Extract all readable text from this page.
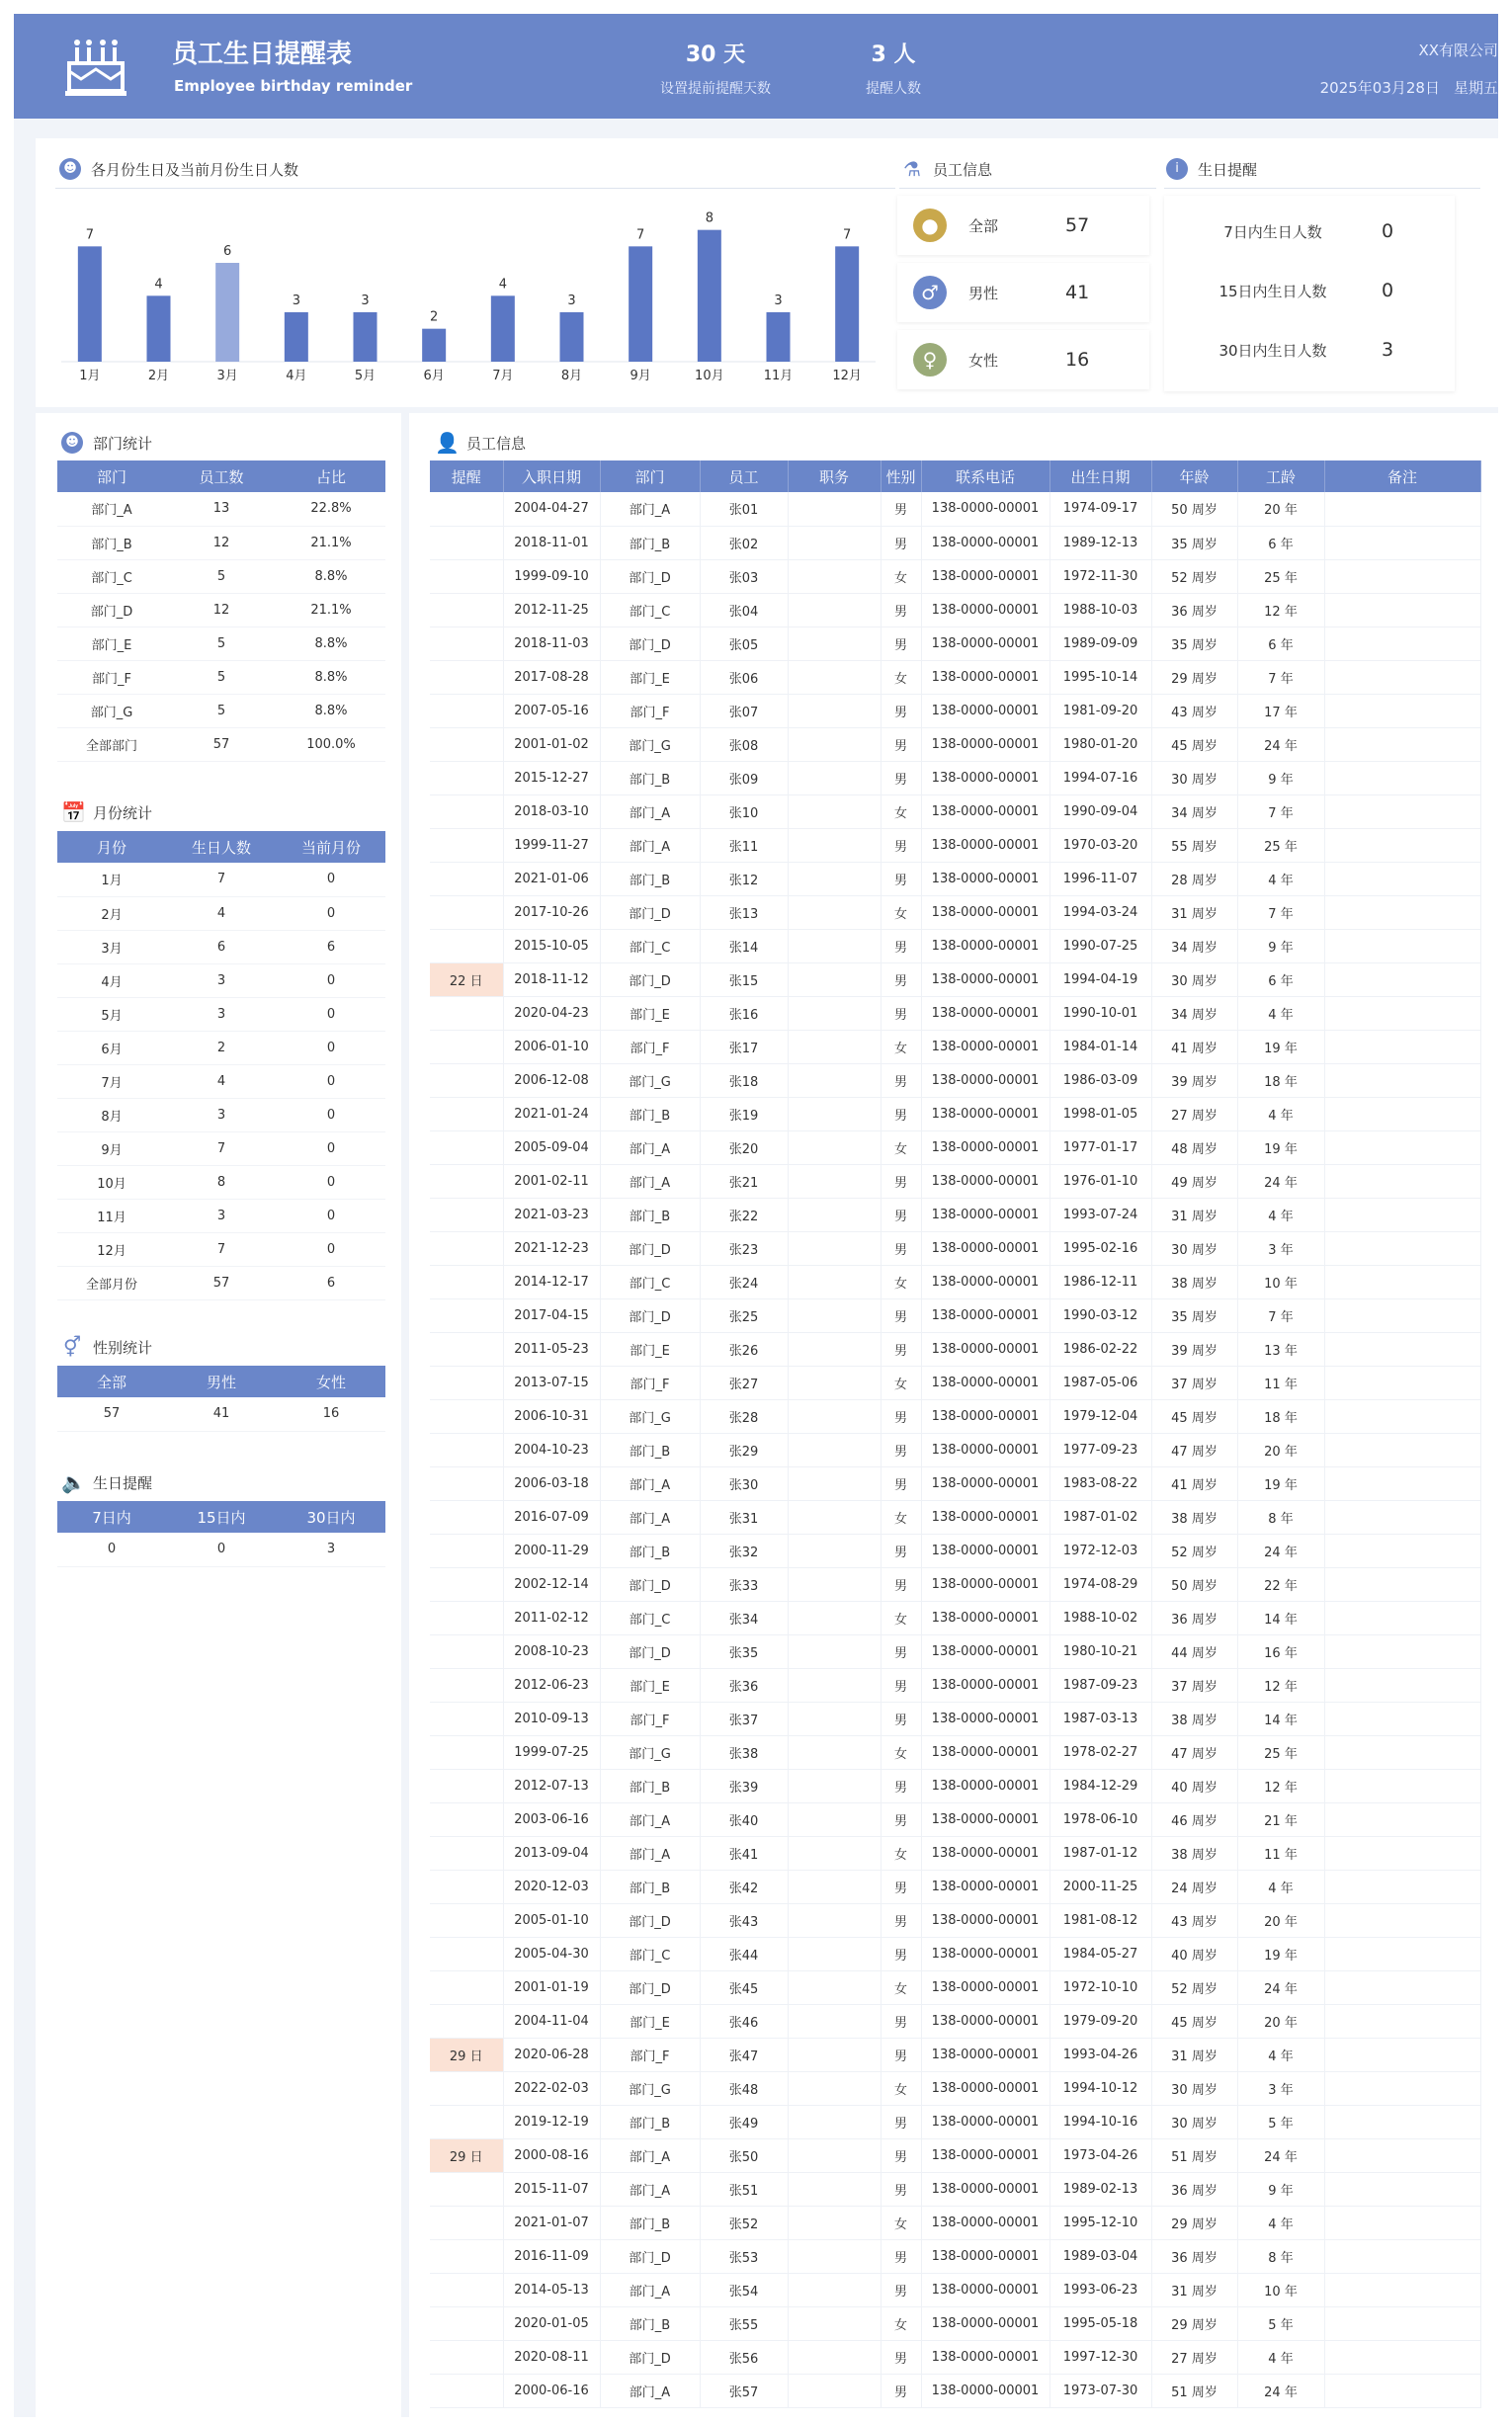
员工生日提醒表
Employee birthday reminder
30 天
设置提前提醒天数
3 人
提醒人数
XX有限公司
2025年03月28日 星期五
☻ 各月份生日及当前月份生日人数
7
1月
4
2月
6
3月
3
4月
3
5月
2
6月
4
7月
3
8月
7
9月
8
10月
3
11月
7
12月
⚗ 员工信息
●	全部	57
♂	男性	41
♀	女性	16
i	生日提醒
7日内生日人数	0
15日内生日人数	0
30日内生日人数	3
☻ 部门统计
部门	员工数	占比
部门_A	13	22.8%
部门_B	12	21.1%
部门_C	5	8.8%
部门_D	12	21.1%
部门_E	5	8.8%
部门_F	5	8.8%
部门_G	5	8.8%
全部部门	57	100.0%
📅 月份统计
月份	生日人数	当前月份
1月	7	0
2月	4	0
3月	6	6
4月	3	0
5月	3	0
6月	2	0
7月	4	0
8月	3	0
9月	7	0
10月	8	0
11月	3	0
12月	7	0
全部月份	57	6
⚥ 性别统计
全部	男性	女性
57	41	16
🔈 生日提醒
7日内	15日内	30日内
0	0	3
👤 员工信息
提醒	入职日期	部门	员工	职务	性别	联系电话	出生日期	年龄	工龄	备注
	2004-04-27	部门_A	张01		男	138-0000-00001	1974-09-17	50 周岁	20 年	
	2018-11-01	部门_B	张02		男	138-0000-00001	1989-12-13	35 周岁	6 年	
	1999-09-10	部门_D	张03		女	138-0000-00001	1972-11-30	52 周岁	25 年	
	2012-11-25	部门_C	张04		男	138-0000-00001	1988-10-03	36 周岁	12 年	
	2018-11-03	部门_D	张05		男	138-0000-00001	1989-09-09	35 周岁	6 年	
	2017-08-28	部门_E	张06		女	138-0000-00001	1995-10-14	29 周岁	7 年	
	2007-05-16	部门_F	张07		男	138-0000-00001	1981-09-20	43 周岁	17 年	
	2001-01-02	部门_G	张08		男	138-0000-00001	1980-01-20	45 周岁	24 年	
	2015-12-27	部门_B	张09		男	138-0000-00001	1994-07-16	30 周岁	9 年	
	2018-03-10	部门_A	张10		女	138-0000-00001	1990-09-04	34 周岁	7 年	
	1999-11-27	部门_A	张11		男	138-0000-00001	1970-03-20	55 周岁	25 年	
	2021-01-06	部门_B	张12		男	138-0000-00001	1996-11-07	28 周岁	4 年	
	2017-10-26	部门_D	张13		女	138-0000-00001	1994-03-24	31 周岁	7 年	
	2015-10-05	部门_C	张14		男	138-0000-00001	1990-07-25	34 周岁	9 年	
22 日	2018-11-12	部门_D	张15		男	138-0000-00001	1994-04-19	30 周岁	6 年	
	2020-04-23	部门_E	张16		男	138-0000-00001	1990-10-01	34 周岁	4 年	
	2006-01-10	部门_F	张17		女	138-0000-00001	1984-01-14	41 周岁	19 年	
	2006-12-08	部门_G	张18		男	138-0000-00001	1986-03-09	39 周岁	18 年	
	2021-01-24	部门_B	张19		男	138-0000-00001	1998-01-05	27 周岁	4 年	
	2005-09-04	部门_A	张20		女	138-0000-00001	1977-01-17	48 周岁	19 年	
	2001-02-11	部门_A	张21		男	138-0000-00001	1976-01-10	49 周岁	24 年	
	2021-03-23	部门_B	张22		男	138-0000-00001	1993-07-24	31 周岁	4 年	
	2021-12-23	部门_D	张23		男	138-0000-00001	1995-02-16	30 周岁	3 年	
	2014-12-17	部门_C	张24		女	138-0000-00001	1986-12-11	38 周岁	10 年	
	2017-04-15	部门_D	张25		男	138-0000-00001	1990-03-12	35 周岁	7 年	
	2011-05-23	部门_E	张26		男	138-0000-00001	1986-02-22	39 周岁	13 年	
	2013-07-15	部门_F	张27		女	138-0000-00001	1987-05-06	37 周岁	11 年	
	2006-10-31	部门_G	张28		男	138-0000-00001	1979-12-04	45 周岁	18 年	
	2004-10-23	部门_B	张29		男	138-0000-00001	1977-09-23	47 周岁	20 年	
	2006-03-18	部门_A	张30		男	138-0000-00001	1983-08-22	41 周岁	19 年	
	2016-07-09	部门_A	张31		女	138-0000-00001	1987-01-02	38 周岁	8 年	
	2000-11-29	部门_B	张32		男	138-0000-00001	1972-12-03	52 周岁	24 年	
	2002-12-14	部门_D	张33		男	138-0000-00001	1974-08-29	50 周岁	22 年	
	2011-02-12	部门_C	张34		女	138-0000-00001	1988-10-02	36 周岁	14 年	
	2008-10-23	部门_D	张35		男	138-0000-00001	1980-10-21	44 周岁	16 年	
	2012-06-23	部门_E	张36		男	138-0000-00001	1987-09-23	37 周岁	12 年	
	2010-09-13	部门_F	张37		男	138-0000-00001	1987-03-13	38 周岁	14 年	
	1999-07-25	部门_G	张38		女	138-0000-00001	1978-02-27	47 周岁	25 年	
	2012-07-13	部门_B	张39		男	138-0000-00001	1984-12-29	40 周岁	12 年	
	2003-06-16	部门_A	张40		男	138-0000-00001	1978-06-10	46 周岁	21 年	
	2013-09-04	部门_A	张41		女	138-0000-00001	1987-01-12	38 周岁	11 年	
	2020-12-03	部门_B	张42		男	138-0000-00001	2000-11-25	24 周岁	4 年	
	2005-01-10	部门_D	张43		男	138-0000-00001	1981-08-12	43 周岁	20 年	
	2005-04-30	部门_C	张44		男	138-0000-00001	1984-05-27	40 周岁	19 年	
	2001-01-19	部门_D	张45		女	138-0000-00001	1972-10-10	52 周岁	24 年	
	2004-11-04	部门_E	张46		男	138-0000-00001	1979-09-20	45 周岁	20 年	
29 日	2020-06-28	部门_F	张47		男	138-0000-00001	1993-04-26	31 周岁	4 年	
	2022-02-03	部门_G	张48		女	138-0000-00001	1994-10-12	30 周岁	3 年	
	2019-12-19	部门_B	张49		男	138-0000-00001	1994-10-16	30 周岁	5 年	
29 日	2000-08-16	部门_A	张50		男	138-0000-00001	1973-04-26	51 周岁	24 年	
	2015-11-07	部门_A	张51		男	138-0000-00001	1989-02-13	36 周岁	9 年	
	2021-01-07	部门_B	张52		女	138-0000-00001	1995-12-10	29 周岁	4 年	
	2016-11-09	部门_D	张53		男	138-0000-00001	1989-03-04	36 周岁	8 年	
	2014-05-13	部门_A	张54		男	138-0000-00001	1993-06-23	31 周岁	10 年	
	2020-01-05	部门_B	张55		女	138-0000-00001	1995-05-18	29 周岁	5 年	
	2020-08-11	部门_D	张56		男	138-0000-00001	1997-12-30	27 周岁	4 年	
	2000-06-16	部门_A	张57		男	138-0000-00001	1973-07-30	51 周岁	24 年	
